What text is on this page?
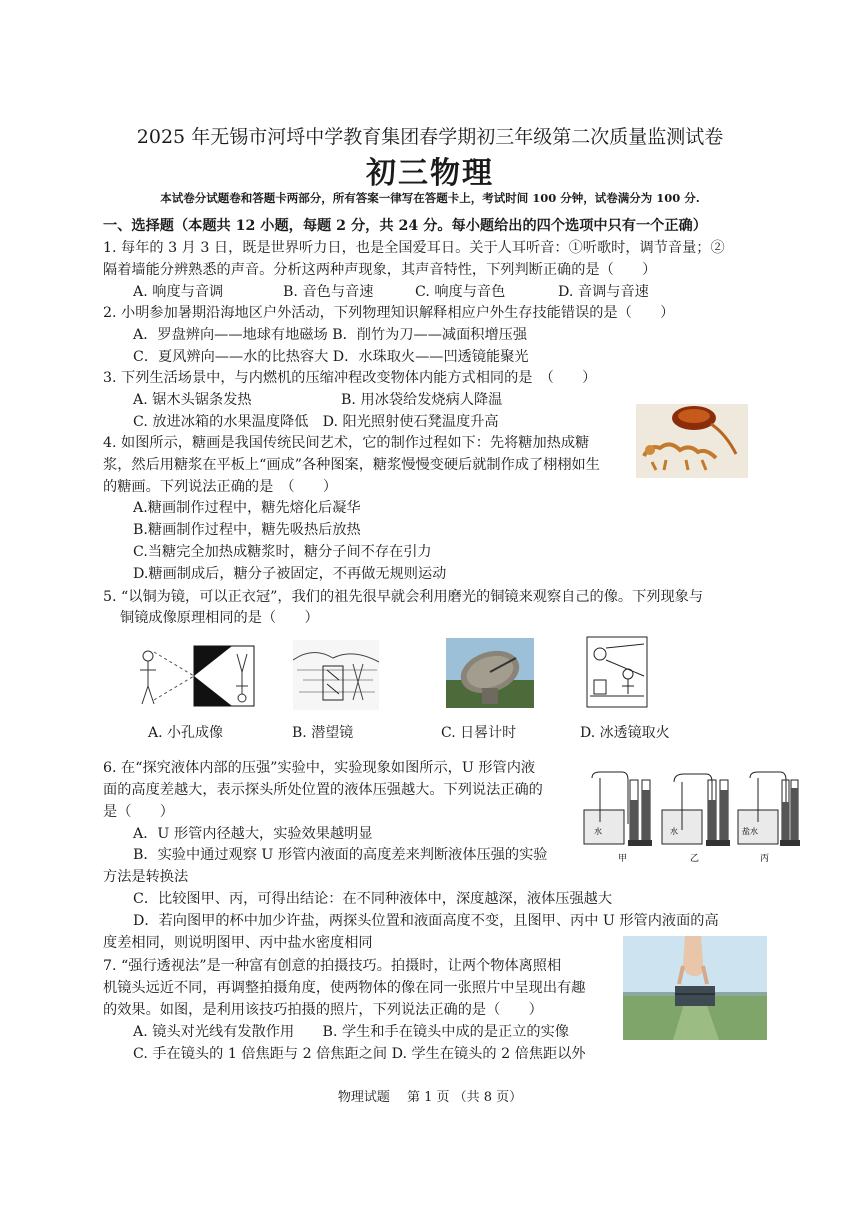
2025 年无锡市河埒中学教育集团春学期初三年级第二次质量监测试卷
初三物理
本试卷分试题卷和答题卡两部分，所有答案一律写在答题卡上，考试时间 100 分钟，试卷满分为 100 分.
一、选择题（本题共 12 小题，每题 2 分，共 24 分。每小题给出的四个选项中只有一个正确）
1. 每年的 3 月 3 日，既是世界听力日，也是全国爱耳日。关于人耳听音：①听歌时，调节音量；②
隔着墙能分辨熟悉的声音。分析这两种声现象，其声音特性，下列判断正确的是（　　）
A. 响度与音调	B. 音色与音速	C. 响度与音色	D. 音调与音速
2. 小明参加暑期沿海地区户外活动，下列物理知识解释相应户外生存技能错误的是（　　）
A．罗盘辨向——地球有地磁场 B．削竹为刀——减面积增压强
C．夏风辨向——水的比热容大 D．水珠取火——凹透镜能聚光
3. 下列生活场景中，与内燃机的压缩冲程改变物体内能方式相同的是　（　　）
A. 锯木头锯条发热	B. 用冰袋给发烧病人降温
C. 放进冰箱的水果温度降低　D. 阳光照射使石凳温度升高
4. 如图所示，糖画是我国传统民间艺术，它的制作过程如下：先将糖加热成糖
浆，然后用糖浆在平板上“画成”各种图案，糖浆慢慢变硬后就制作成了栩栩如生
的糖画。下列说法正确的是　（　　）
A.糖画制作过程中，糖先熔化后凝华
B.糖画制作过程中，糖先吸热后放热
C.当糖完全加热成糖浆时，糖分子间不存在引力
D.糖画制成后，糖分子被固定，不再做无规则运动
5. “以铜为镜，可以正衣冠”，我们的祖先很早就会利用磨光的铜镜来观察自己的像。下列现象与
铜镜成像原理相同的是（　　）
A. 小孔成像	B. 潜望镜	C. 日晷计时	D. 冰透镜取火
6. 在“探究液体内部的压强”实验中，实验现象如图所示，U 形管内液
面的高度差越大，表示探头所处位置的液体压强越大。下列说法正确的
是（　　）
A．U 形管内径越大，实验效果越明显
B．实验中通过观察 U 形管内液面的高度差来判断液体压强的实验
方法是转换法
C．比较图甲、丙，可得出结论：在不同种液体中，深度越深，液体压强越大
D．若向图甲的杯中加少许盐，两探头位置和液面高度不变，且图甲、丙中 U 形管内液面的高
度差相同，则说明图甲、丙中盐水密度相同
水	水	盐水
甲	乙	丙
7. “强行透视法”是一种富有创意的拍摄技巧。拍摄时，让两个物体离照相
机镜头远近不同，再调整拍摄角度，使两物体的像在同一张照片中呈现出有趣
的效果。如图，是利用该技巧拍摄的照片，下列说法正确的是（　　）
A. 镜头对光线有发散作用　　B. 学生和手在镜头中成的是正立的实像
C. 手在镜头的 1 倍焦距与 2 倍焦距之间 D. 学生在镜头的 2 倍焦距以外
物理试题　 第 1 页 （共 8 页）
